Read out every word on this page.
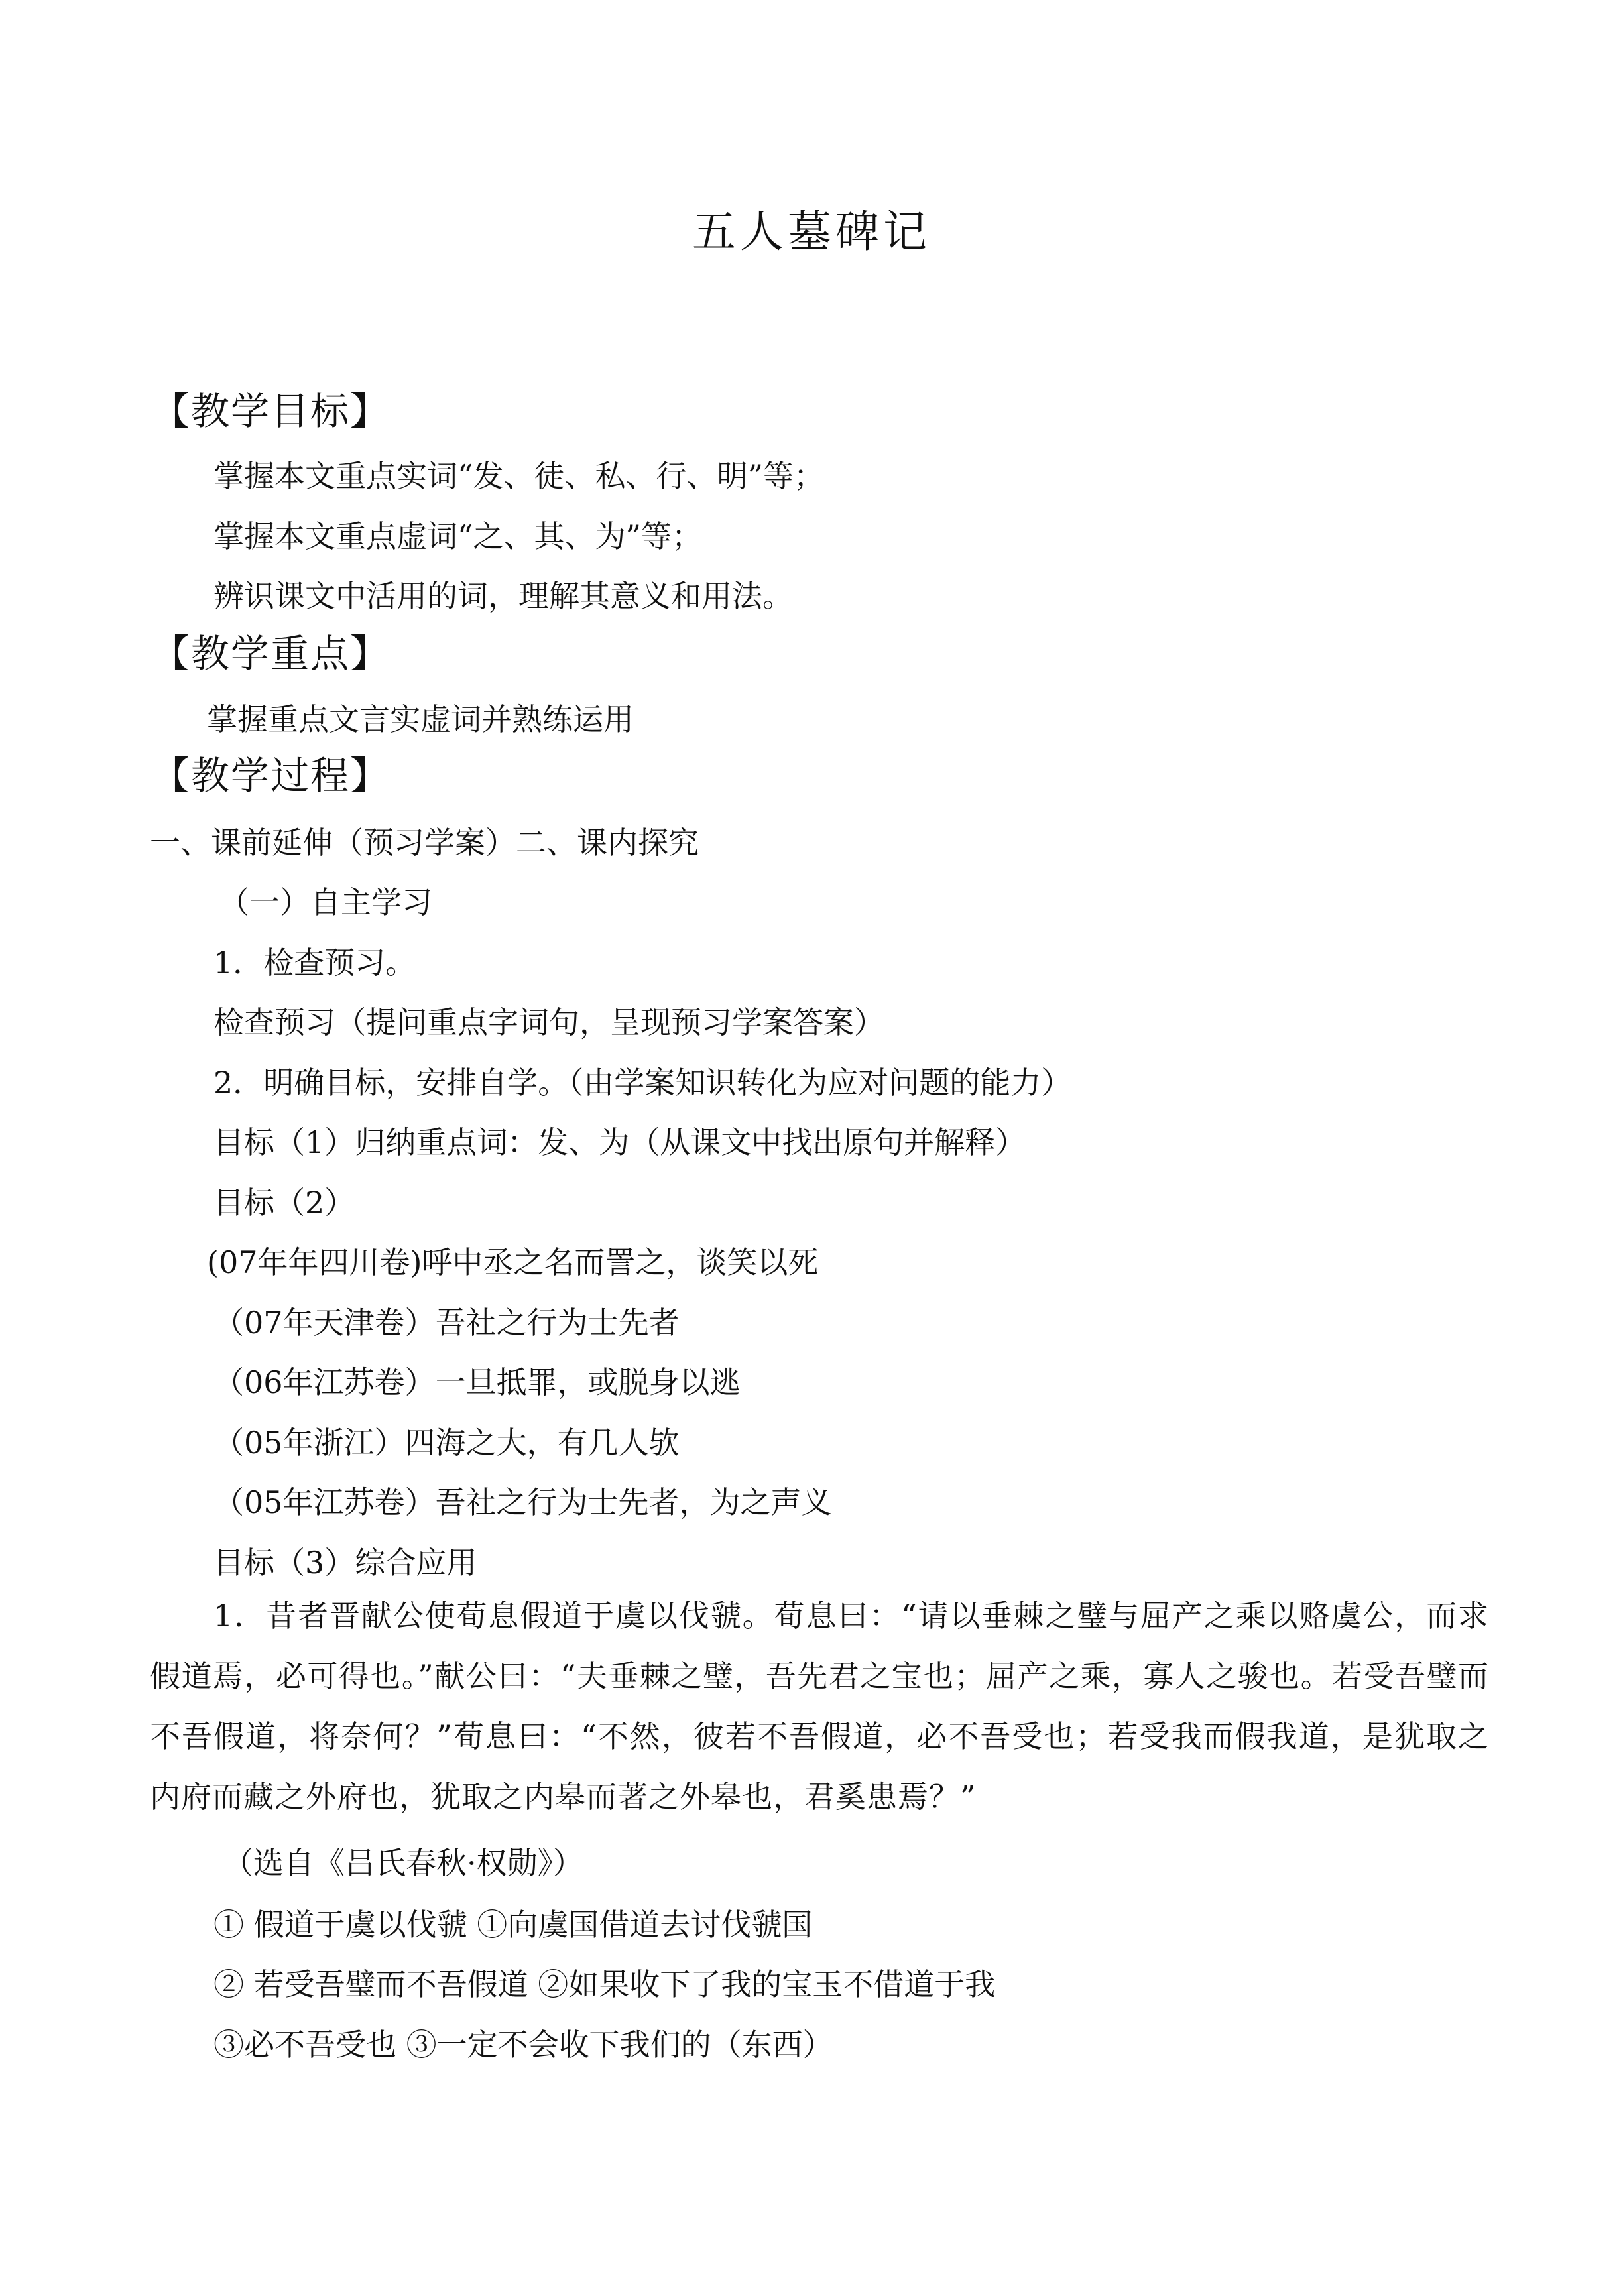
五人墓碑记
【教学目标】
掌握本文重点实词“发、徒、私、行、明”等；
掌握本文重点虚词“之、其、为”等；
辨识课文中活用的词，理解其意义和用法。
【教学重点】
掌握重点文言实虚词并熟练运用
【教学过程】
一、课前延伸（预习学案）二、课内探究
（一）自主学习
1．检查预习。
检查预习（提问重点字词句，呈现预习学案答案）
2．明确目标，安排自学。（由学案知识转化为应对问题的能力）
目标（1）归纳重点词：发、为（从课文中找出原句并解释）
目标（2）
(07年年四川卷)呼中丞之名而詈之，谈笑以死
（07年天津卷）吾社之行为士先者
（06年江苏卷）一旦抵罪，或脱身以逃
（05年浙江）四海之大，有几人欤
（05年江苏卷）吾社之行为士先者，为之声义
目标（3）综合应用
1．昔者晋献公使荀息假道于虞以伐虢。荀息曰：“请以垂棘之璧与屈产之乘以赂虞公，而求假道焉，必可得也。”献公曰：“夫垂棘之璧，吾先君之宝也；屈产之乘，寡人之骏也。若受吾璧而不吾假道，将奈何？”荀息曰：“不然，彼若不吾假道，必不吾受也；若受我而假我道，是犹取之内府而藏之外府也，犹取之内皋而著之外皋也，君奚患焉？”
（选自《吕氏春秋·权勋》）
① 假道于虞以伐虢 ①向虞国借道去讨伐虢国
② 若受吾璧而不吾假道 ②如果收下了我的宝玉不借道于我
③必不吾受也 ③一定不会收下我们的（东西）
